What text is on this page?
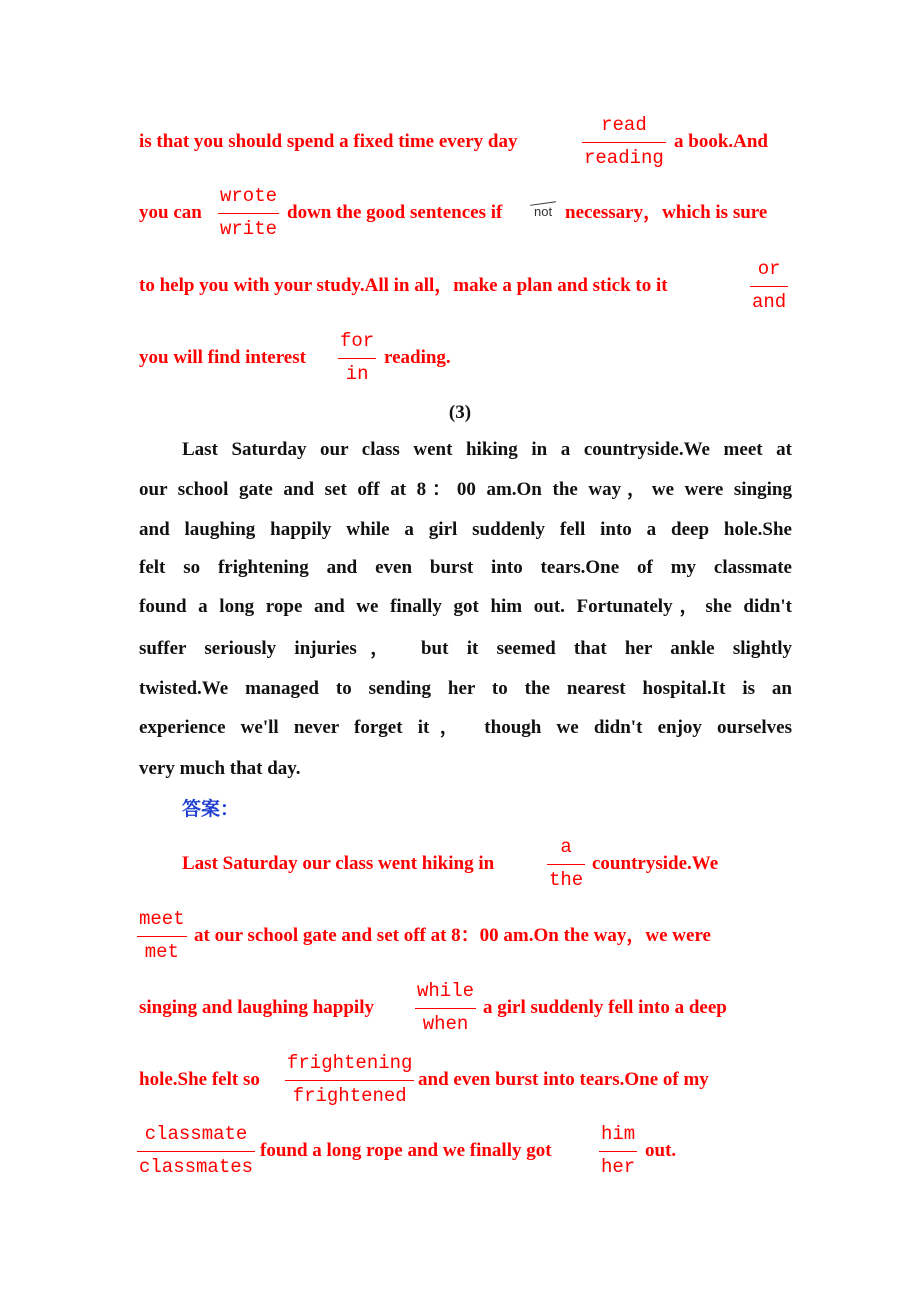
is that you should spend a fixed time every day
read
reading
a book.And
you can
wrote
write
down the good sentences if not necessary，which is sure
to help you with your study.All in all，make a plan and stick to it
or
and
you will find interest
for
in
reading.
(3)
Last Saturday our class went hiking in a countryside.We meet at
our school gate and set off at 8：00 am.On the way，we were singing
and laughing happily while a girl suddenly fell into a deep hole.She
felt so frightening and even burst into tears.One of my classmate
found a long rope and we finally got him out. Fortunately，she didn't
suffer seriously injuries， but it seemed that her ankle slightly
twisted.We managed to sending her to the nearest hospital.It is an
experience we'll never forget it， though we didn't enjoy ourselves
very much that day.
答案：
Last Saturday our class went hiking in
a
the
countryside.We
meet
met
at our school gate and set off at 8：00 am.On the way，we were
singing and laughing happily
while
when
a girl suddenly fell into a deep
hole.She felt so
frightening
frightened
and even burst into tears.One of my
classmate
classmates
found a long rope and we finally got
him
her
out.
